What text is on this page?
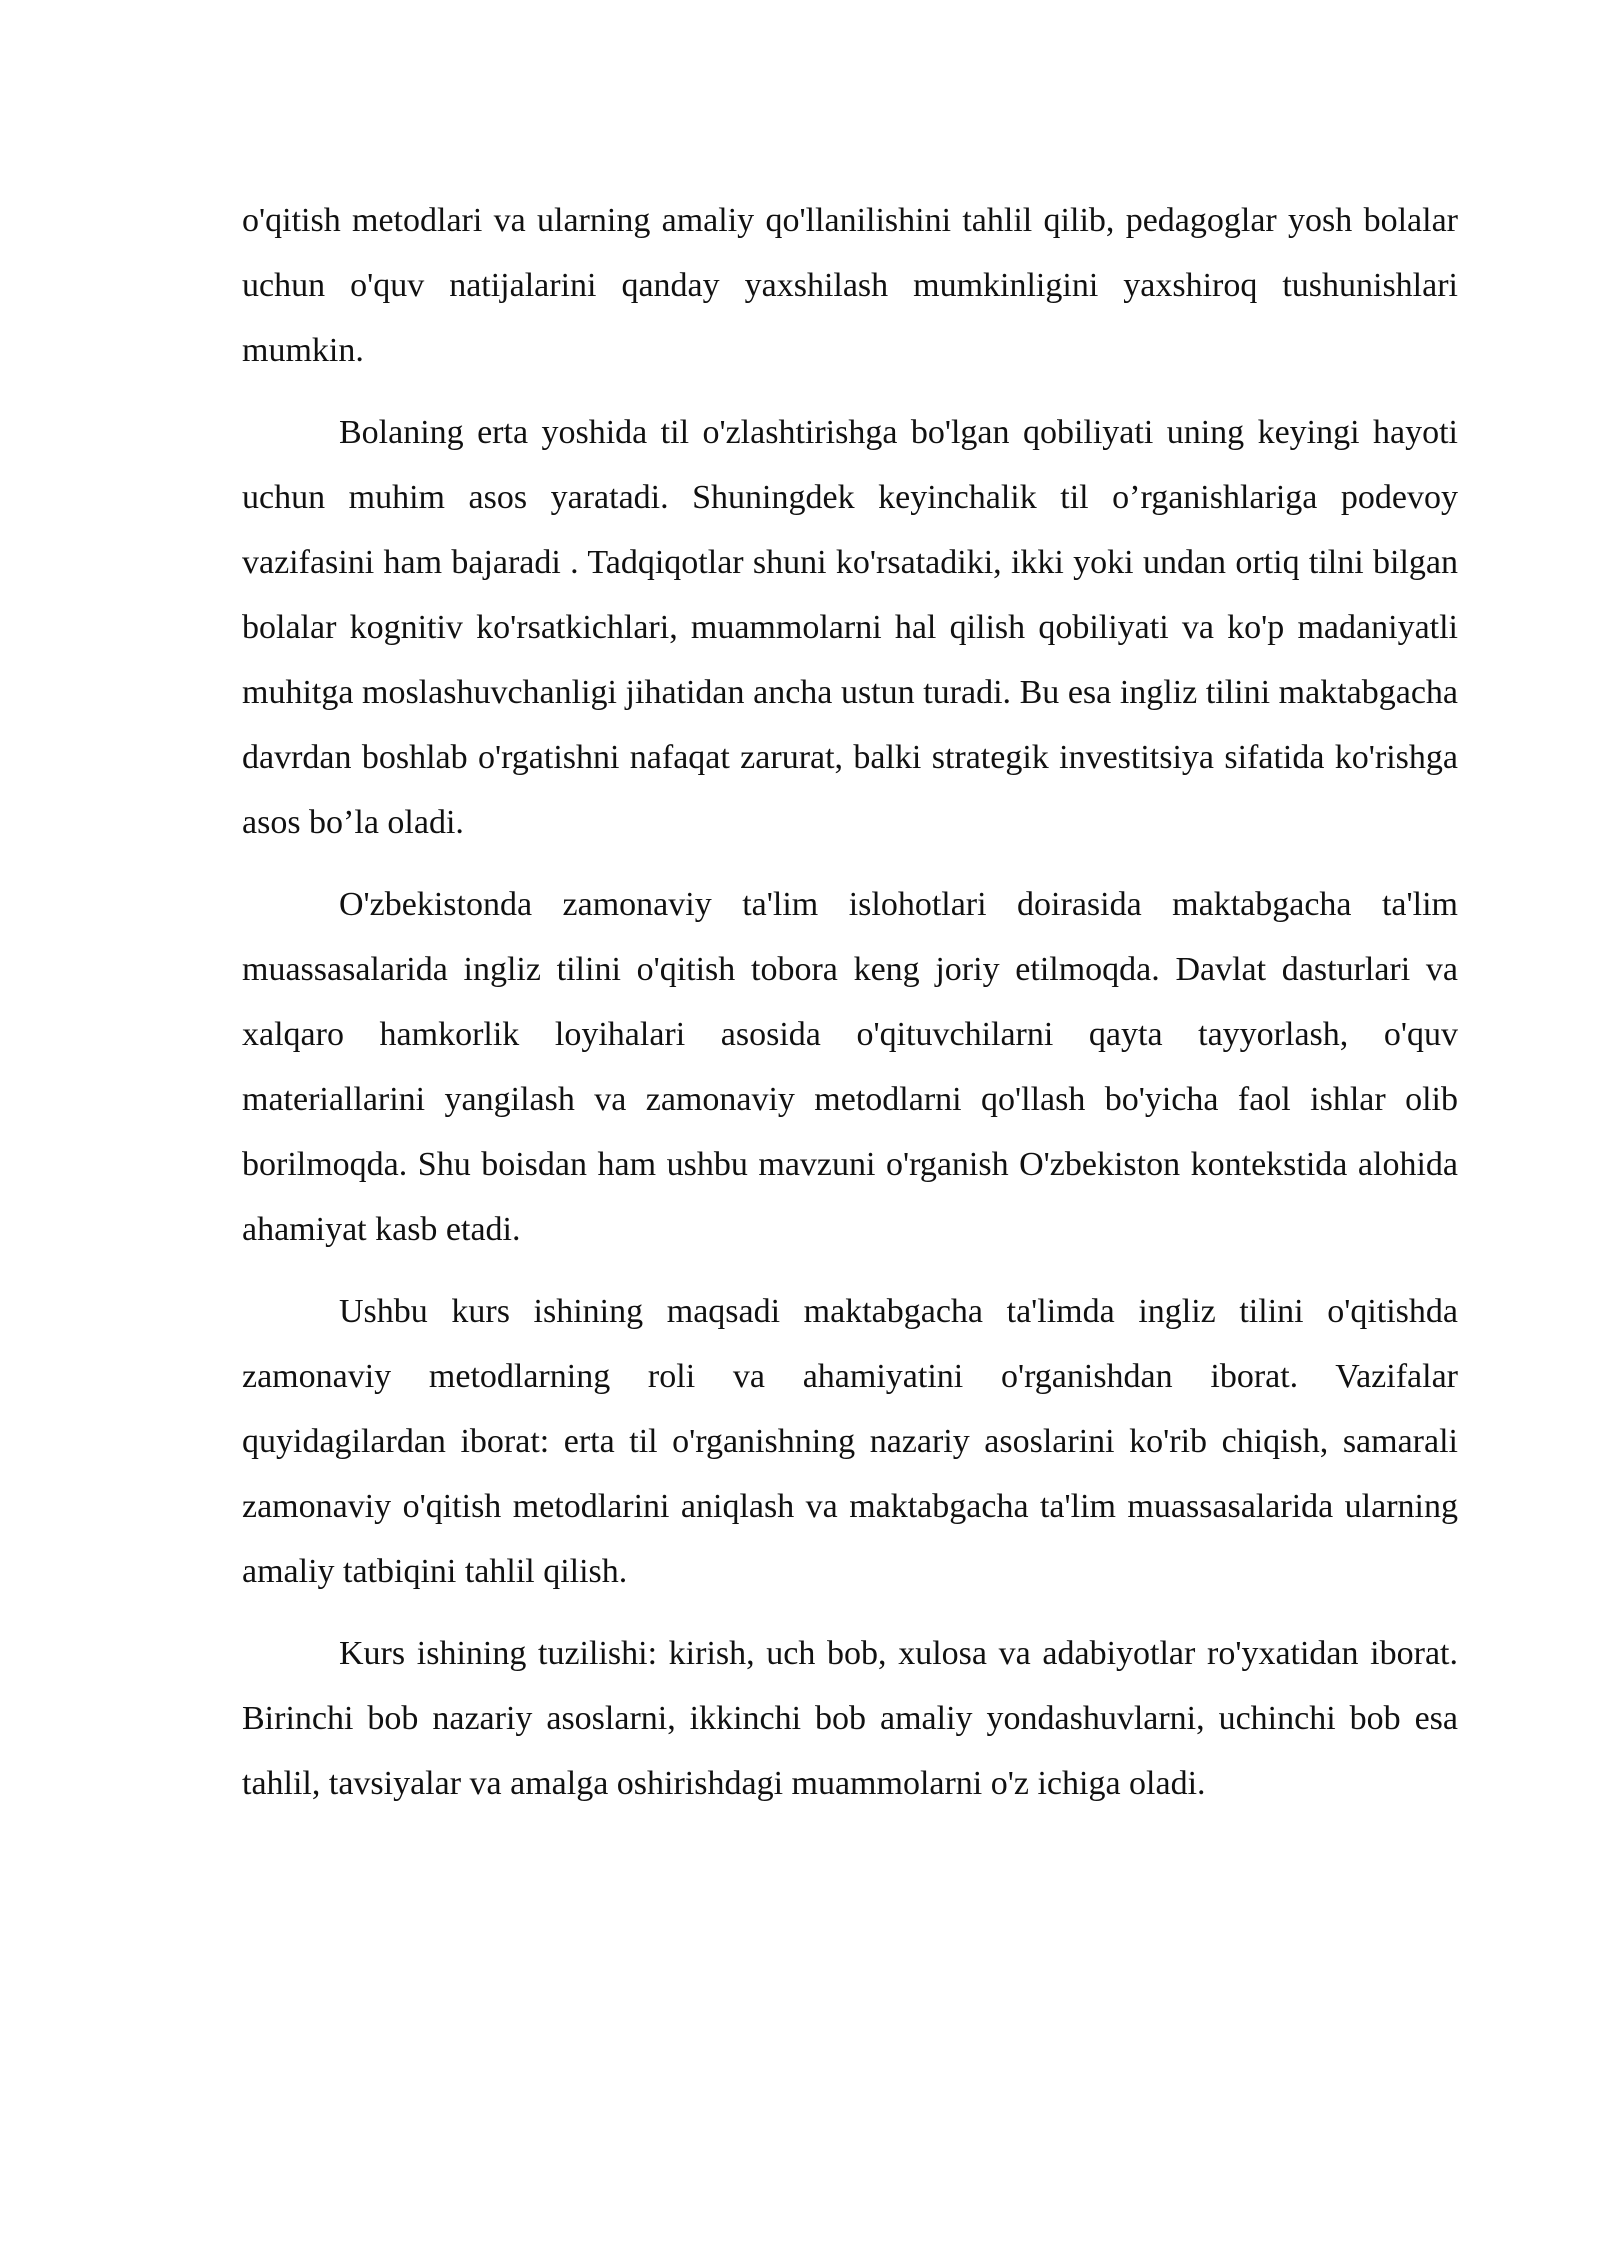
o'qitish metodlari va ularning amaliy qo'llanilishini tahlil qilib, pedagoglar yosh bolalar uchun o'quv natijalarini qanday yaxshilash mumkinligini yaxshiroq tushunishlari mumkin.

Bolaning erta yoshida til o'zlashtirishga bo'lgan qobiliyati uning keyingi hayoti uchun muhim asos yaratadi. Shuningdek keyinchalik til o’rganishlariga podevoy vazifasini ham bajaradi . Tadqiqotlar shuni ko'rsatadiki, ikki yoki undan ortiq tilni bilgan bolalar kognitiv ko'rsatkichlari, muammolarni hal qilish qobiliyati va ko'p madaniyatli muhitga moslashuvchanligi jihatidan ancha ustun turadi. Bu esa ingliz tilini maktabgacha davrdan boshlab o'rgatishni nafaqat zarurat, balki strategik investitsiya sifatida ko'rishga asos bo’la oladi.

O'zbekistonda zamonaviy ta'lim islohotlari doirasida maktabgacha ta'lim muassasalarida ingliz tilini o'qitish tobora keng joriy etilmoqda. Davlat dasturlari va xalqaro hamkorlik loyihalari asosida o'qituvchilarni qayta tayyorlash, o'quv materiallarini yangilash va zamonaviy metodlarni qo'llash bo'yicha faol ishlar olib borilmoqda. Shu boisdan ham ushbu mavzuni o'rganish O'zbekiston kontekstida alohida ahamiyat kasb etadi.

Ushbu kurs ishining maqsadi maktabgacha ta'limda ingliz tilini o'qitishda zamonaviy metodlarning roli va ahamiyatini o'rganishdan iborat. Vazifalar quyidagilardan iborat: erta til o'rganishning nazariy asoslarini ko'rib chiqish, samarali zamonaviy o'qitish metodlarini aniqlash va maktabgacha ta'lim muassasalarida ularning amaliy tatbiqini tahlil qilish.

Kurs ishining tuzilishi: kirish, uch bob, xulosa va adabiyotlar ro'yxatidan iborat. Birinchi bob nazariy asoslarni, ikkinchi bob amaliy yondashuvlarni, uchinchi bob esa tahlil, tavsiyalar va amalga oshirishdagi muammolarni o'z ichiga oladi.
